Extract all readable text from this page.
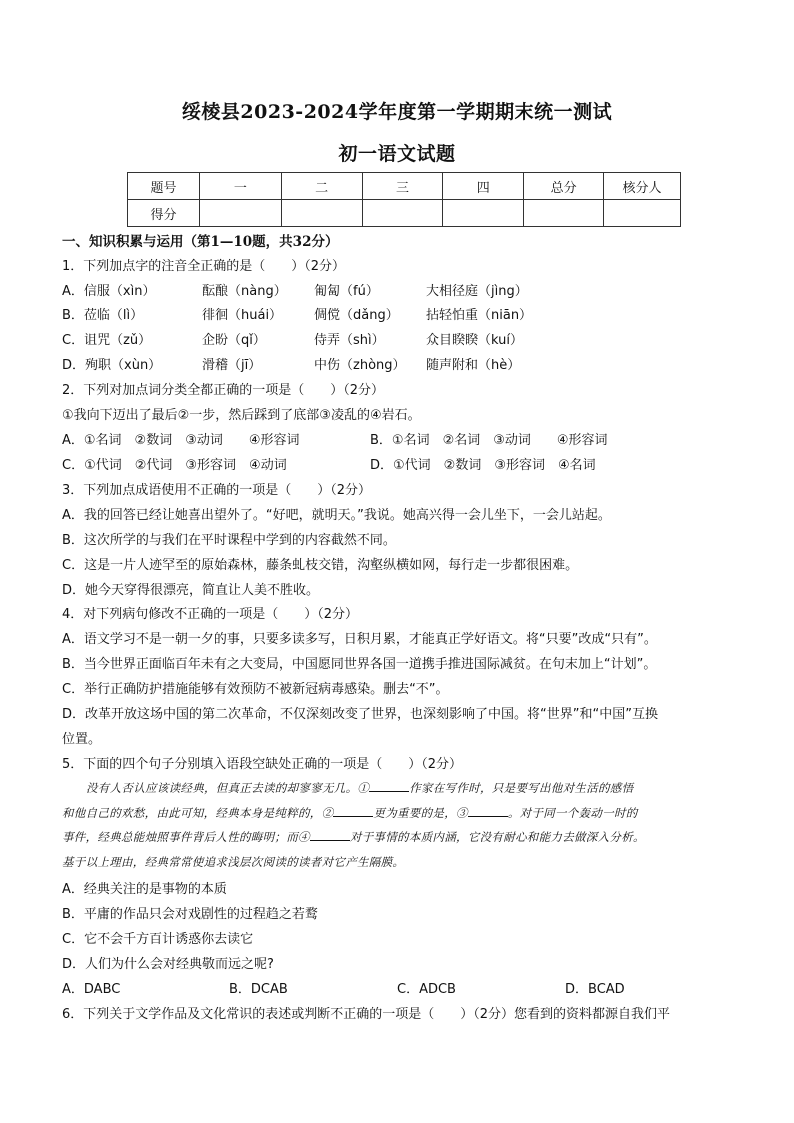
绥棱县2023-2024学年度第一学期期末统一测试
初一语文试题
题号	一	二	三	四	总分	核分人
得分						
一、知识积累与运用（第1—10题，共32分）
1．下列加点字的注音全正确的是（　　）（2分）
A．信服（xìn）	酝酿（nàng） 匍匐（fú）	大相径庭（jìng）
B．莅临（lì）	徘徊（huái） 倜傥（dǎng） 拈轻怕重（niān）
C．诅咒（zǔ）	企盼（qǐ）	侍弄（shì）	众目睽睽（kuí）
D．殉职（xùn）	滑稽（jī）	中伤（zhòng） 随声附和（hè）
2．下列对加点词分类全都正确的一项是（　　）（2分）
①我向下迈出了最后②一步，然后踩到了底部③凌乱的④岩石。
A．①名词　②数词　③动词　　④形容词	B．①名词　②名词　③动词　　④形容词
C．①代词　②代词　③形容词　④动词	D．①代词　②数词　③形容词　④名词
3．下列加点成语使用不正确的一项是（　　）（2分）
A．我的回答已经让她喜出望外了。“好吧，就明天。”我说。她高兴得一会儿坐下，一会儿站起。
B．这次所学的与我们在平时课程中学到的内容截然不同。
C．这是一片人迹罕至的原始森林，藤条虬枝交错，沟壑纵横如网，每行走一步都很困难。
D．她今天穿得很漂亮，简直让人美不胜收。
4．对下列病句修改不正确的一项是（　　）（2分）
A．语文学习不是一朝一夕的事，只要多读多写，日积月累，才能真正学好语文。将“只要”改成“只有”。
B．当今世界正面临百年未有之大变局，中国愿同世界各国一道携手推进国际减贫。在句末加上“计划”。
C．举行正确防护措施能够有效预防不被新冠病毒感染。删去“不”。
D．改革开放这场中国的第二次革命，不仅深刻改变了世界，也深刻影响了中国。将“世界”和“中国”互换
位置。
5．下面的四个句子分别填入语段空缺处正确的一项是（　　）（2分）
没有人否认应该读经典，但真正去读的却寥寥无几。①	作家在写作时，只是要写出他对生活的感悟
和他自己的欢愁，由此可知，经典本身是纯粹的，②	更为重要的是，③	。对于同一个轰动一时的
事件，经典总能烛照事件背后人性的晦明；而④	对于事情的本质内涵，它没有耐心和能力去做深入分析。
基于以上理由，经典常常使追求浅层次阅读的读者对它产生隔膜。
A．经典关注的是事物的本质
B．平庸的作品只会对戏剧性的过程趋之若鹜
C．它不会千方百计诱惑你去读它
D．人们为什么会对经典敬而远之呢?
A．DABC	B．DCAB	C．ADCB	D．BCAD
6．下列关于文学作品及文化常识的表述或判断不正确的一项是（　　）（2分）您看到的资料都源自我们平
